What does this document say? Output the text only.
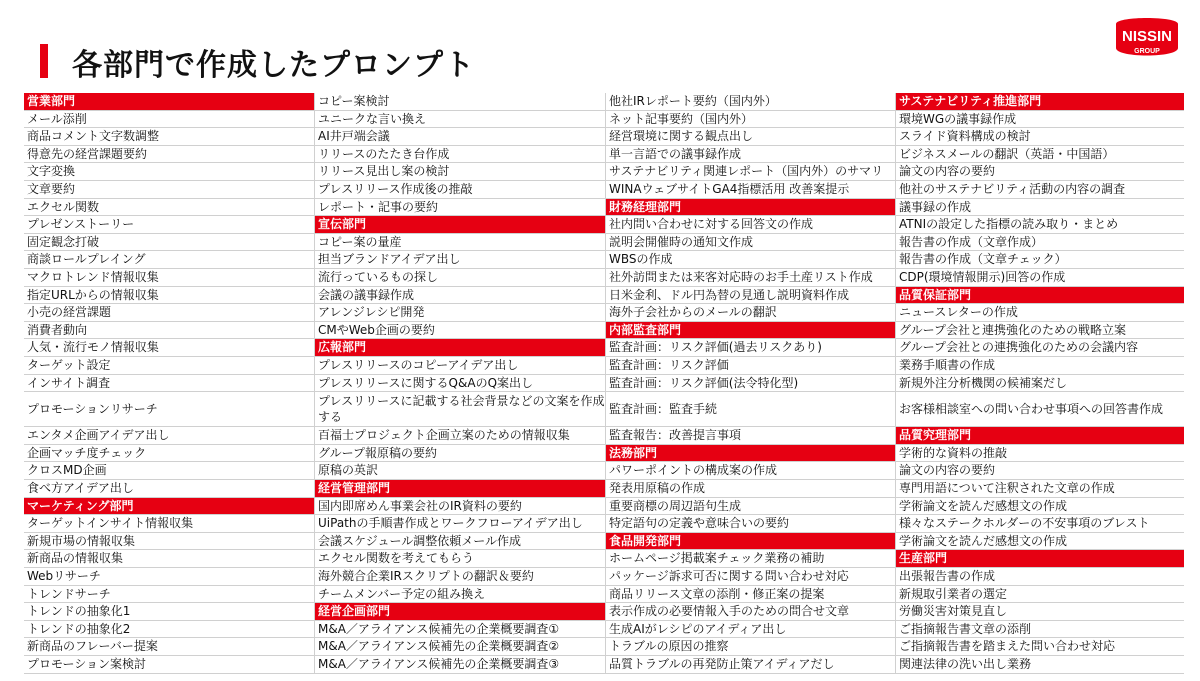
各部門で作成したプロンプト
NISSIN
GROUP
営業部門
メール添削
商品コメント文字数調整
得意先の経営課題要約
文字変換
文章要約
エクセル関数
プレゼンストーリー
固定観念打破
商談ロールプレイング
マクロトレンド情報収集
指定URLからの情報収集
小売の経営課題
消費者動向
人気・流行モノ情報収集
ターゲット設定
インサイト調査
プロモーションリサーチ
エンタメ企画アイデア出し
企画マッチ度チェック
クロスMD企画
食べ方アイデア出し
マーケティング部門
ターゲットインサイト情報収集
新規市場の情報収集
新商品の情報収集
Webリサーチ
トレンドサーチ
トレンドの抽象化1
トレンドの抽象化2
新商品のフレーバー提案
プロモーション案検討
コピー案検討
ユニークな言い換え
AI井戸端会議
リリースのたたき台作成
リリース見出し案の検討
プレスリリース作成後の推敲
レポート・記事の要約
宣伝部門
コピー案の量産
担当ブランドアイデア出し
流行っているもの探し
会議の議事録作成
アレンジレシピ開発
CMやWeb企画の要約
広報部門
プレスリリースのコピーアイデア出し
プレスリリースに関するQ&AのQ案出し
プレスリリースに記載する社会背景などの文案を作成する
百福士プロジェクト企画立案のための情報収集
グループ報原稿の要約
原稿の英訳
経営管理部門
国内即席めん事業会社のIR資料の要約
UiPathの手順書作成とワークフローアイデア出し
会議スケジュール調整依頼メール作成
エクセル関数を考えてもらう
海外競合企業IRスクリプトの翻訳＆要約
チームメンバー予定の組み換え
経営企画部門
M&A／アライアンス候補先の企業概要調査①
M&A／アライアンス候補先の企業概要調査②
M&A／アライアンス候補先の企業概要調査③
他社IRレポート要約（国内外）
ネット記事要約（国内外）
経営環境に関する観点出し
単一言語での議事録作成
サステナビリティ関連レポート（国内外）のサマリ
WINAウェブサイトGA4指標活用 改善案提示
財務経理部門
社内問い合わせに対する回答文の作成
説明会開催時の通知文作成
WBSの作成
社外訪問または来客対応時のお手土産リスト作成
日米金利、ドル円為替の見通し説明資料作成
海外子会社からのメールの翻訳
内部監査部門
監査計画：リスク評価(過去リスクあり)
監査計画：リスク評価
監査計画：リスク評価(法令特化型)
監査計画：監査手続
監査報告：改善提言事項
法務部門
パワーポイントの構成案の作成
発表用原稿の作成
重要商標の周辺語句生成
特定語句の定義や意味合いの要約
食品開発部門
ホームページ掲載案チェック業務の補助
パッケージ訴求可否に関する問い合わせ対応
商品リリース文章の添削・修正案の提案
表示作成の必要情報入手のための問合せ文章
生成AIがレシピのアイディア出し
トラブルの原因の推察
品質トラブルの再発防止策アイディアだし
サステナビリティ推進部門
環境WGの議事録作成
スライド資料構成の検討
ビジネスメールの翻訳（英語・中国語）
論文の内容の要約
他社のサステナビリティ活動の内容の調査
議事録の作成
ATNIの設定した指標の読み取り・まとめ
報告書の作成（文章作成）
報告書の作成（文章チェック）
CDP(環境情報開示)回答の作成
品質保証部門
ニュースレターの作成
グループ会社と連携強化のための戦略立案
グループ会社との連携強化のための会議内容
業務手順書の作成
新規外注分析機関の候補案だし
お客様相談室への問い合わせ事項への回答書作成
品質究理部門
学術的な資料の推敲
論文の内容の要約
専門用語について注釈された文章の作成
学術論文を読んだ感想文の作成
様々なステークホルダーの不安事項のブレスト
学術論文を読んだ感想文の作成
生産部門
出張報告書の作成
新規取引業者の選定
労働災害対策見直し
ご指摘報告書文章の添削
ご指摘報告書を踏まえた問い合わせ対応
関連法律の洗い出し業務
